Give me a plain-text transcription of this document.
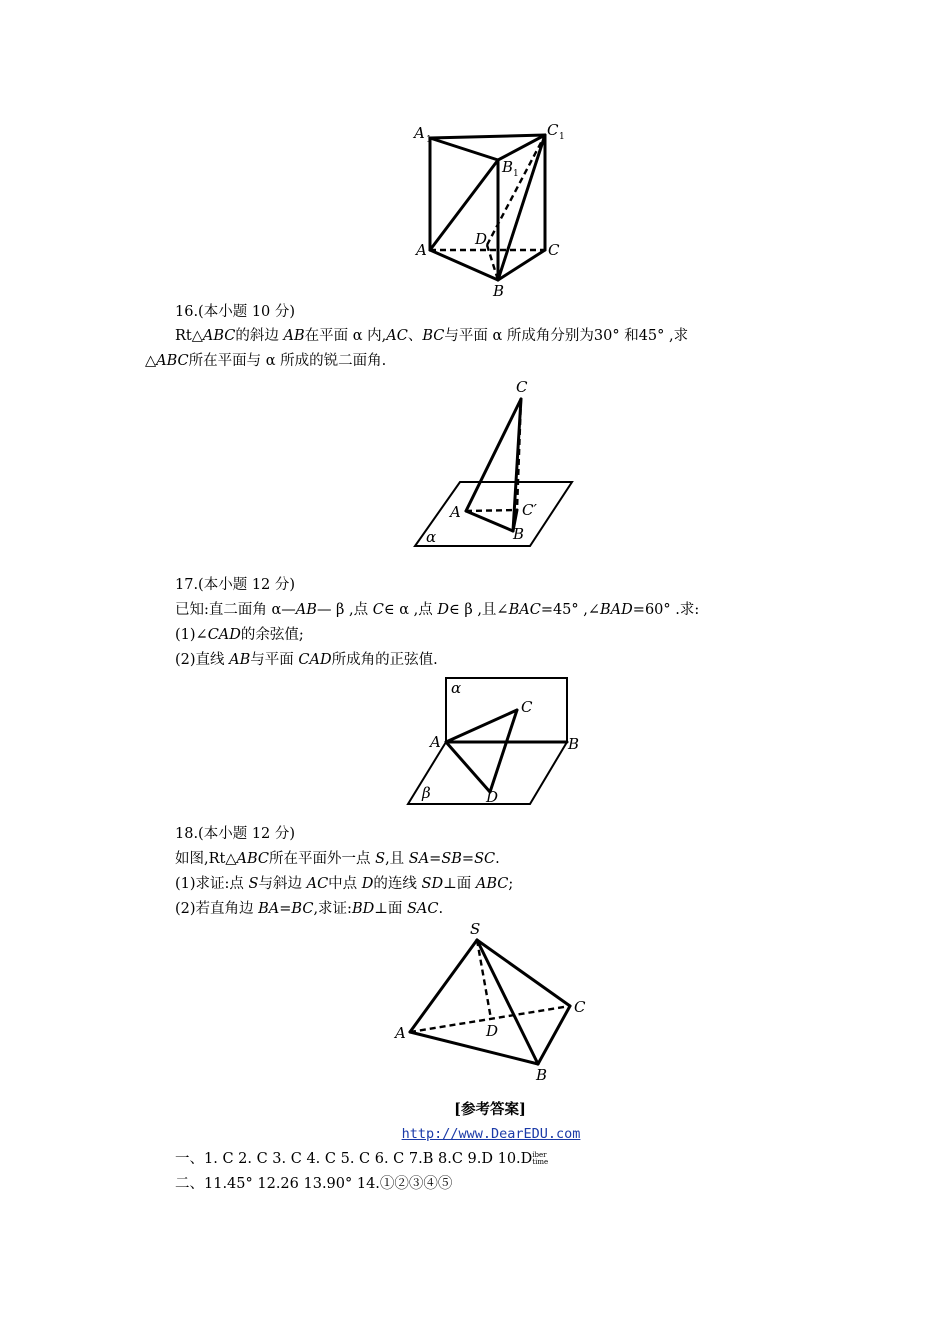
A 1
C 1
B 1
A
D
C
B
16.(本小题 10 分)
Rt△ABC的斜边 AB在平面 α 内,AC、BC与平面 α 所成角分别为30° 和45° ,求
△ABC所在平面与 α 所成的锐二面角.
C
A	C′
B
α
17.(本小题 12 分)
已知:直二面角 α—AB— β ,点 C∈ α ,点 D∈ β ,且∠BAC=45° ,∠BAD=60° .求:
(1)∠CAD的余弦值;
(2)直线 AB与平面 CAD所成角的正弦值.
α
C
A	B
β	D
18.(本小题 12 分)
如图,Rt△ABC所在平面外一点 S,且 SA=SB=SC.
(1)求证:点 S与斜边 AC中点 D的连线 SD⊥面 ABC;
(2)若直角边 BA=BC,求证:BD⊥面 SAC.
S
C
A	D
B
[参考答案]
http://www.DearEDU.com
一、1. C 2. C 3. C 4. C 5. C 6. C 7.B 8.C 9.D 10.Diber
time
二、11.45° 12.26 13.90° 14.①②③④⑤
